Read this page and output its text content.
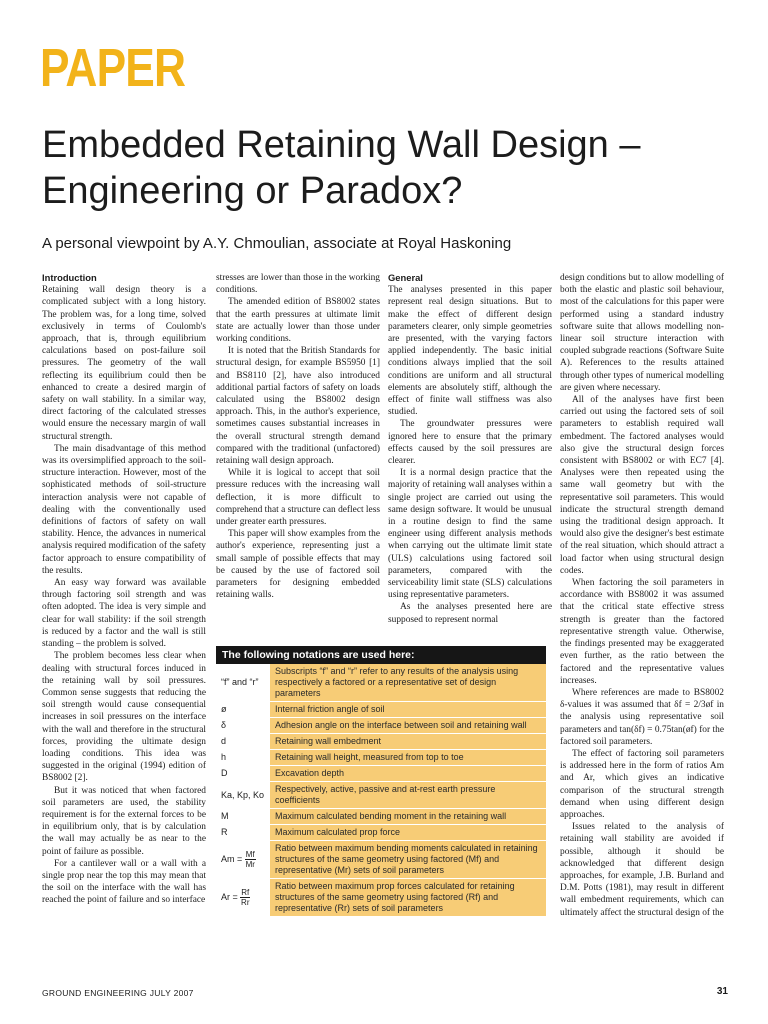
PAPER
Embedded Retaining Wall Design – Engineering or Paradox?
A personal viewpoint by A.Y. Chmoulian, associate at Royal Haskoning
Introduction

Retaining wall design theory is a complicated subject with a long history. The problem was, for a long time, solved exclusively in terms of Coulomb's approach, that is, through equilibrium calculations based on post-failure soil pressures. The geometry of the wall reflecting its equilibrium could then be enhanced to create a desired margin of safety on wall stability. In a similar way, direct factoring of the calculated stresses would ensure the necessary margin of wall structural strength.

The main disadvantage of this method was its oversimplified approach to the soil-structure interaction. However, most of the sophisticated methods of soil-structure interaction analysis were not capable of dealing with the conventionally used definitions of factors of safety on wall stability. Hence, the advances in numerical analysis required modification of the safety factor approach to ensure compatibility of the results.

An easy way forward was available through factoring soil strength and was often adopted. The idea is very simple and clear for wall stability: if the soil strength is reduced by a factor and the wall is still standing – the problem is solved.

The problem becomes less clear when dealing with structural forces induced in the retaining wall by soil pressures. Common sense suggests that reducing the soil strength would cause consequential increases in soil pressures on the interface with the wall and therefore in the structural forces, providing the ultimate design loading conditions. This idea was suggested in the original (1994) edition of BS8002 [2].

But it was noticed that when factored soil parameters are used, the stability requirement is for the external forces to be in equilibrium only, that is by calculation the wall may actually be as near to the point of failure as possible.

For a cantilever wall or a wall with a single prop near the top this may mean that the soil on the interface with the wall has reached the point of failure and so interface

stresses are lower than those in the working conditions.

The amended edition of BS8002 states that the earth pressures at ultimate limit state are actually lower than those under working conditions.

It is noted that the British Standards for structural design, for example BS5950 [1] and BS8110 [2], have also introduced additional partial factors of safety on loads calculated using the BS8002 design approach. This, in the author's experience, sometimes causes substantial increases in the overall structural strength demand compared with the traditional (unfactored) retaining wall design approach.

While it is logical to accept that soil pressure reduces with the increasing wall deflection, it is more difficult to comprehend that a structure can deflect less under greater earth pressures.

This paper will show examples from the author's experience, representing just a small sample of possible effects that may be caused by the use of factored soil parameters for designing embedded retaining walls.

General

The analyses presented in this paper represent real design situations. But to make the effect of different design parameters clearer, only simple geometries are presented, with the varying factors applied independently. The basic initial conditions always implied that the soil conditions are uniform and all structural elements are absolutely stiff, although the effect of finite wall stiffness was also studied.

The groundwater pressures were ignored here to ensure that the primary effects caused by the soil pressures are clearer.

It is a normal design practice that the majority of retaining wall analyses within a single project are carried out using the same design software. It would be unusual in a routine design to find the same engineer using different analysis methods when carrying out the ultimate limit state (ULS) calculations using factored soil parameters, compared with the serviceability limit state (SLS) calculations using representative parameters.

As the analyses presented here are supposed to represent normal

design conditions but to allow modelling of both the elastic and plastic soil behaviour, most of the calculations for this paper were performed using a standard industry software suite that allows modelling non-linear soil structure interaction with coupled subgrade reactions (Software Suite A). References to the results attained through other types of numerical modelling are given where necessary.

All of the analyses have first been carried out using the factored sets of soil parameters to establish required wall embedment. The factored analyses would also give the structural design forces consistent with BS8002 or with EC7 [4]. Analyses were then repeated using the same wall geometry but with the representative soil parameters. This would indicate the structural strength demand using the traditional design approach. It would also give the designer's best estimate of the real situation, which should attract a load factor when using structural design codes.

When factoring the soil parameters in accordance with BS8002 it was assumed that the critical state effective stress strength is greater than the factored representative strength value. Otherwise, the findings presented may be exaggerated even further, as the ratio between the factored and the representative values increases.

Where references are made to BS8002 δ-values it was assumed that δf = 2/3øf in the analysis using representative soil parameters and tan(δf) = 0.75tan(øf) for the factored soil parameters.

The effect of factoring soil parameters is addressed here in the form of ratios Am and Ar, which gives an indicative comparison of the structural strength demand when using different design approaches.

Issues related to the analysis of retaining wall stability are avoided if possible, although it should be acknowledged that different design approaches, for example, J.B. Burland and D.M. Potts (1981), may result in different wall embedment requirements, which can ultimately affect the structural design of the

The following notations are used here:
“f” and “r”	Subscripts “f” and “r” refer to any results of the analysis using respectively a factored or a representative set of design parameters
ø	Internal friction angle of soil
δ	Adhesion angle on the interface between soil and retaining wall
d	Retaining wall embedment
h	Retaining wall height, measured from top to toe
D	Excavation depth
Ka, Kp, Ko	Respectively, active, passive and at-rest earth pressure coefficients
M	Maximum calculated bending moment in the retaining wall
R	Maximum calculated prop force
$Am = \frac{Mf}{Mr}$	Ratio between maximum bending moments calculated in retaining structures of the same geometry using factored (Mf) and representative (Mr) sets of soil parameters
$Ar = \frac{Rf}{Rr}$	Ratio between maximum prop forces calculated for retaining structures of the same geometry using factored (Rf) and representative (Rr) sets of soil parameters
GROUND ENGINEERING JULY 2007	31
